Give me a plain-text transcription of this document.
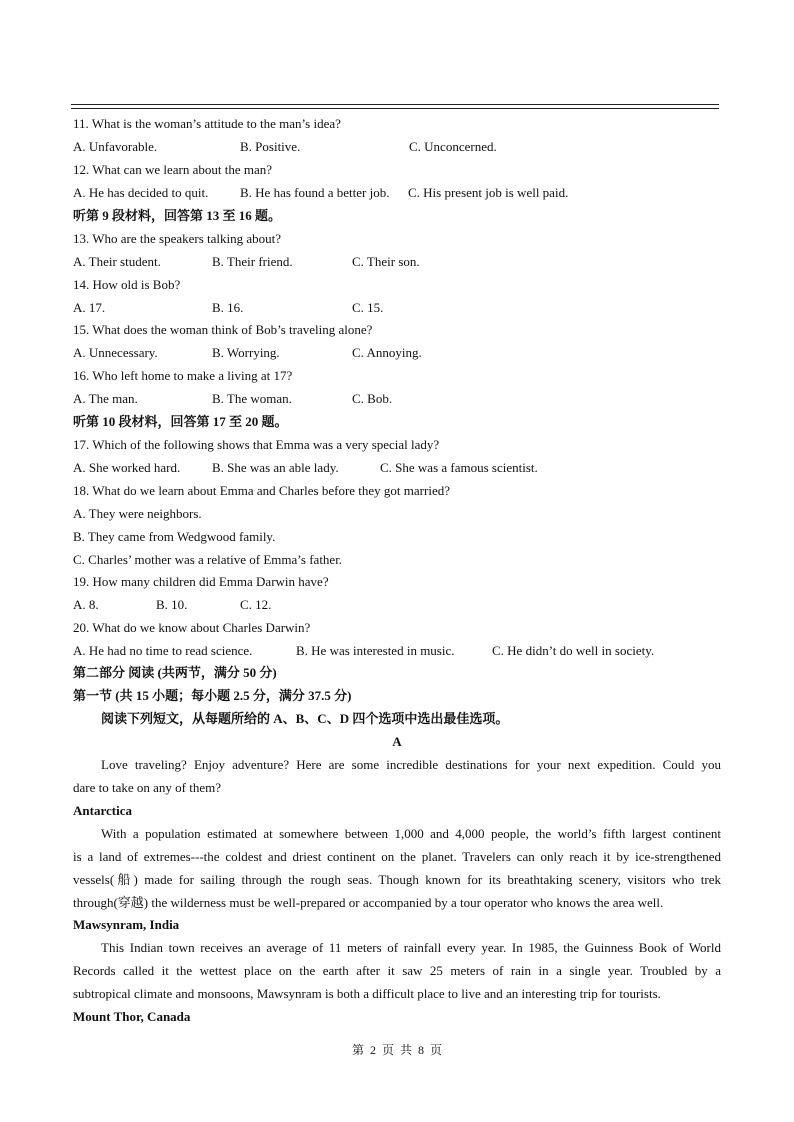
11. What is the woman’s attitude to the man’s idea?
A. Unfavorable.	B. Positive.	C. Unconcerned.
12. What can we learn about the man?
A. He has decided to quit. B. He has found a better job. C. His present job is well paid.
听第 9 段材料，回答第 13 至 16 题。
13. Who are the speakers talking about?
A. Their student.	B. Their friend.	C. Their son.
14. How old is Bob?
A. 17.	B. 16.	C. 15.
15. What does the woman think of Bob’s traveling alone?
A. Unnecessary.	B. Worrying.	C. Annoying.
16. Who left home to make a living at 17?
A. The man.	B. The woman.	C. Bob.
听第 10 段材料，回答第 17 至 20 题。
17. Which of the following shows that Emma was a very special lady?
A. She worked hard. B. She was an able lady.	C. She was a famous scientist.
18. What do we learn about Emma and Charles before they got married?
A. They were neighbors.
B. They came from Wedgwood family.
C. Charles’ mother was a relative of Emma’s father.
19. How many children did Emma Darwin have?
A. 8.	B. 10.	C. 12.
20. What do we know about Charles Darwin?
A. He had no time to read science.	B. He was interested in music.	C. He didn’t do well in society.
第二部分 阅读 (共两节，满分 50 分)
第一节 (共 15 小题；每小题 2.5 分，满分 37.5 分)
阅读下列短文，从每题所给的 A、B、C、D 四个选项中选出最佳选项。
A
Love traveling? Enjoy adventure? Here are some incredible destinations for your next expedition. Could you
dare to take on any of them?
Antarctica
With a population estimated at somewhere between 1,000 and 4,000 people, the world’s fifth largest continent
is a land of extremes---the coldest and driest continent on the planet. Travelers can only reach it by ice-strengthened
vessels(船) made for sailing through the rough seas. Though known for its breathtaking scenery, visitors who trek
through(穿越) the wilderness must be well-prepared or accompanied by a tour operator who knows the area well.
Mawsynram, India
This Indian town receives an average of 11 meters of rainfall every year. In 1985, the Guinness Book of World
Records called it the wettest place on the earth after it saw 25 meters of rain in a single year. Troubled by a
subtropical climate and monsoons, Mawsynram is both a difficult place to live and an interesting trip for tourists.
Mount Thor, Canada
第 2 页 共 8 页
